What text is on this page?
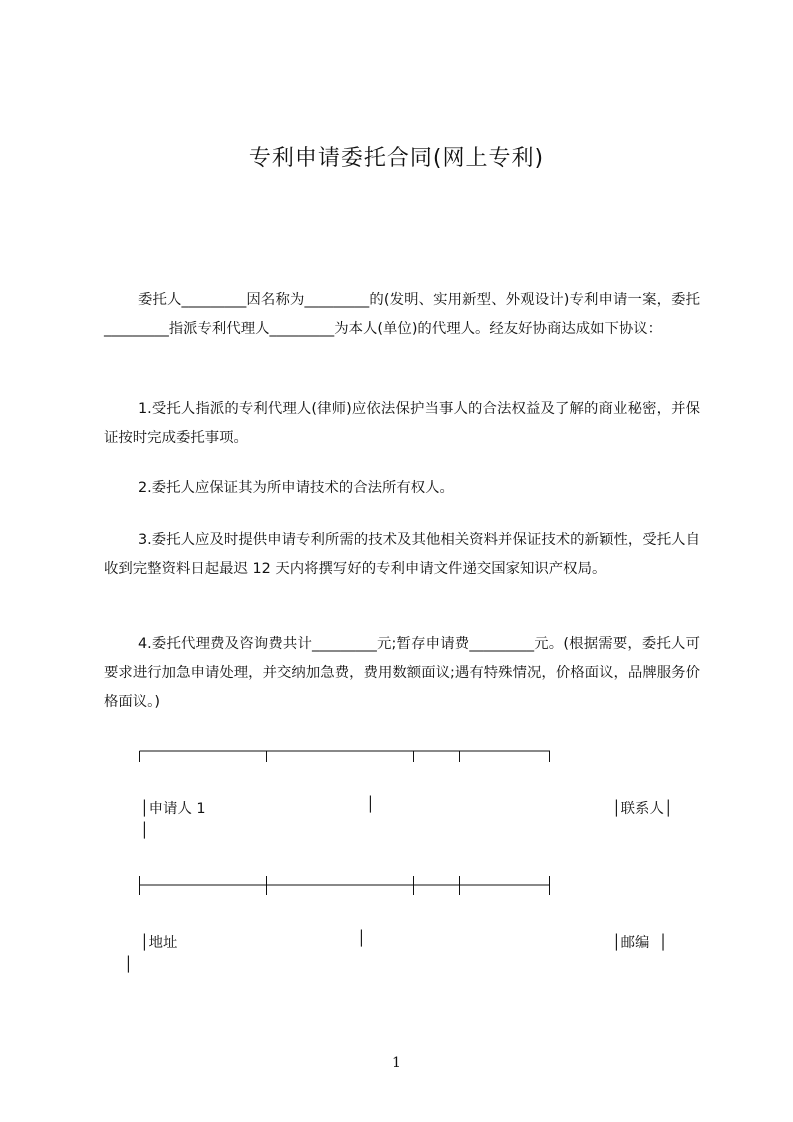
专利申请委托合同(网上专利)

委托人_________因名称为_________的(发明、实用新型、外观设计)专利申请一案，委托_________指派专利代理人_________为本人(单位)的代理人。经友好协商达成如下协议：

1.受托人指派的专利代理人(律师)应依法保护当事人的合法权益及了解的商业秘密，并保证按时完成委托事项。

2.委托人应保证其为所申请技术的合法所有权人。

3.委托人应及时提供申请专利所需的技术及其他相关资料并保证技术的新颖性，受托人自收到完整资料日起最迟 12 天内将撰写好的专利申请文件递交国家知识产权局。

4.委托代理费及咨询费共计_________元;暂存申请费_________元。(根据需要，委托人可要求进行加急申请处理，并交纳加急费，费用数额面议;遇有特殊情况，价格面议，品牌服务价格面议。)

│申请人 1	│	│联系人│
│
│地址	│	│邮编  │
│
1
